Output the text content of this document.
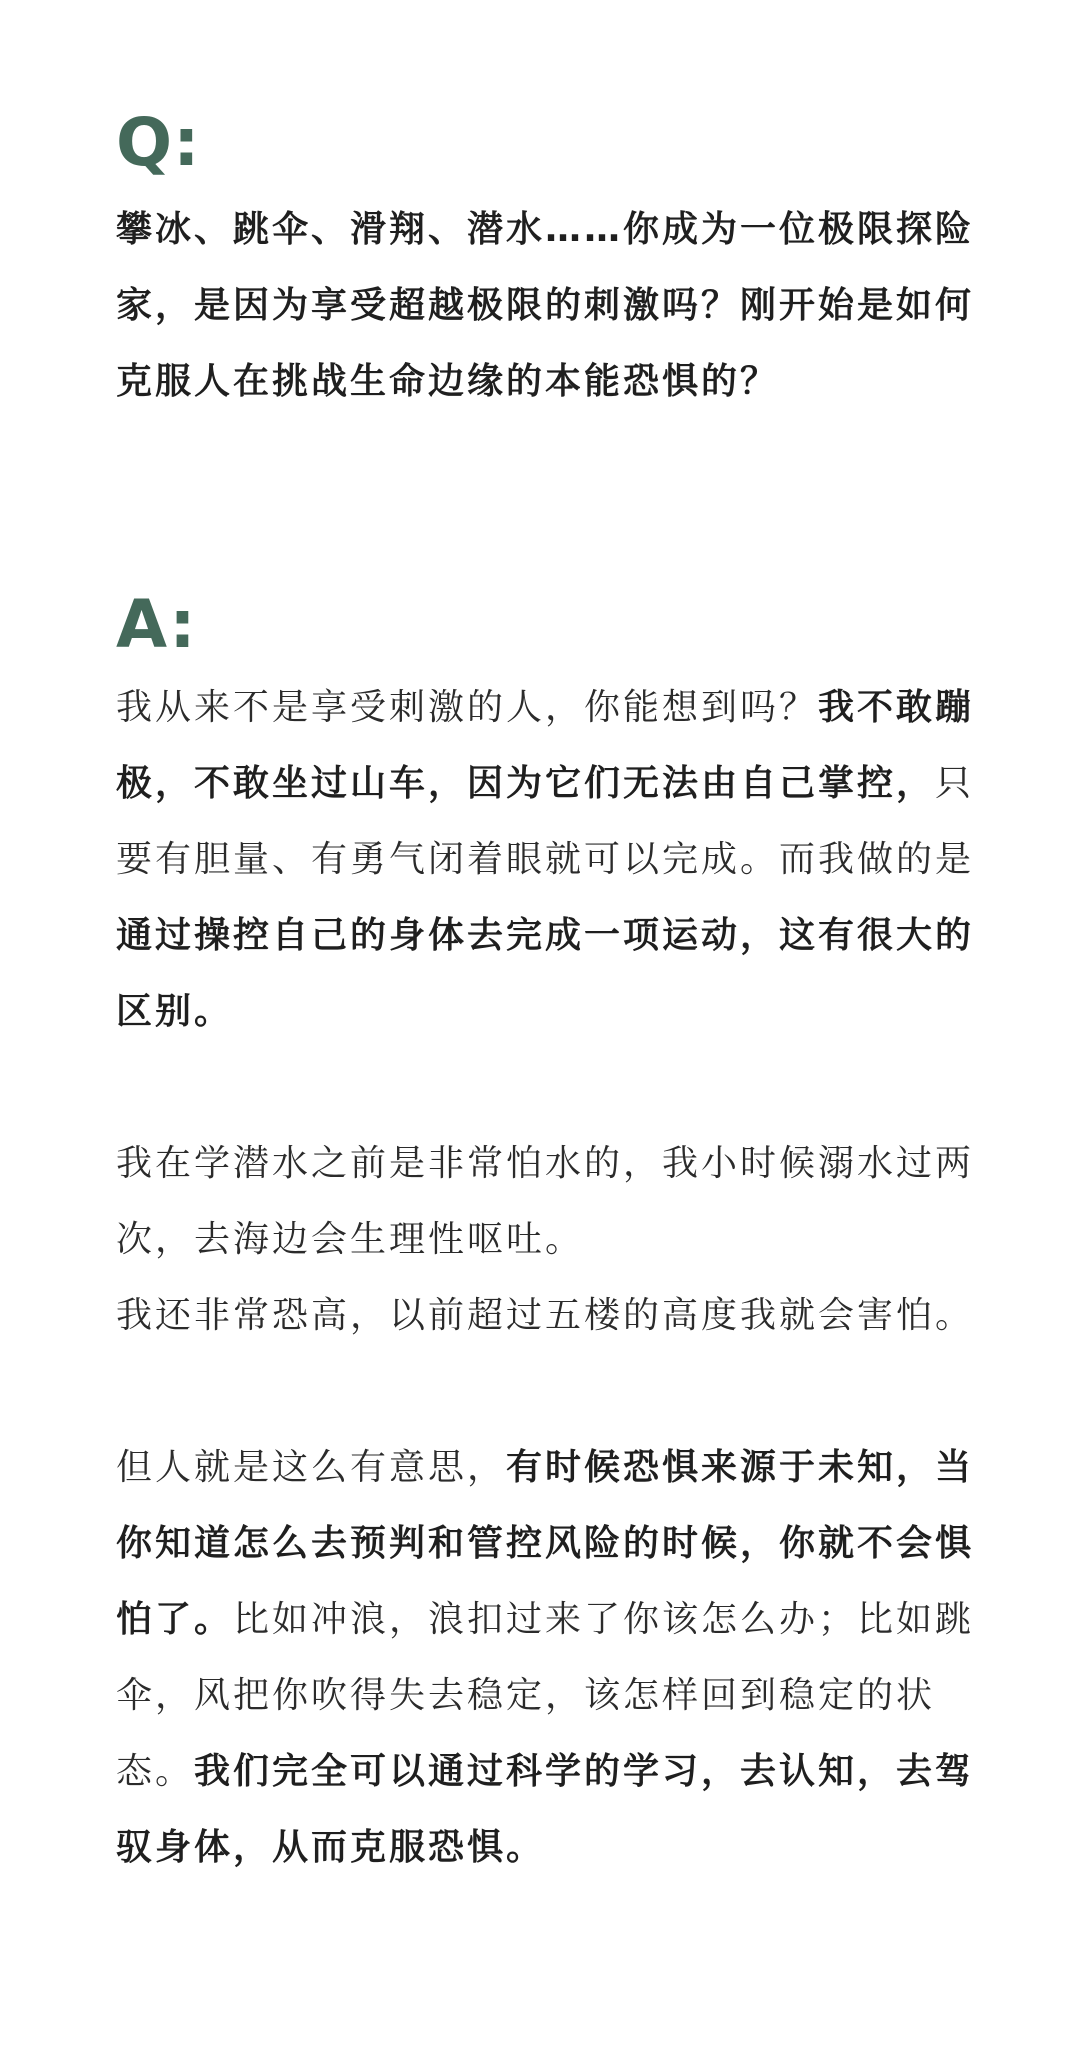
Q:

攀冰、跳伞、滑翔、潜水……你成为一位极限探险家，是因为享受超越极限的刺激吗？刚开始是如何克服人在挑战生命边缘的本能恐惧的？

A:

我从来不是享受刺激的人，你能想到吗？我不敢蹦极，不敢坐过山车，因为它们无法由自己掌控，只要有胆量、有勇气闭着眼就可以完成。而我做的是通过操控自己的身体去完成一项运动，这有很大的区别。

我在学潜水之前是非常怕水的，我小时候溺水过两次，去海边会生理性呕吐。

我还非常恐高，以前超过五楼的高度我就会害怕。

但人就是这么有意思，有时候恐惧来源于未知，当你知道怎么去预判和管控风险的时候，你就不会惧怕了。比如冲浪，浪扣过来了你该怎么办；比如跳伞，风把你吹得失去稳定，该怎样回到稳定的状态。我们完全可以通过科学的学习，去认知，去驾驭身体，从而克服恐惧。
